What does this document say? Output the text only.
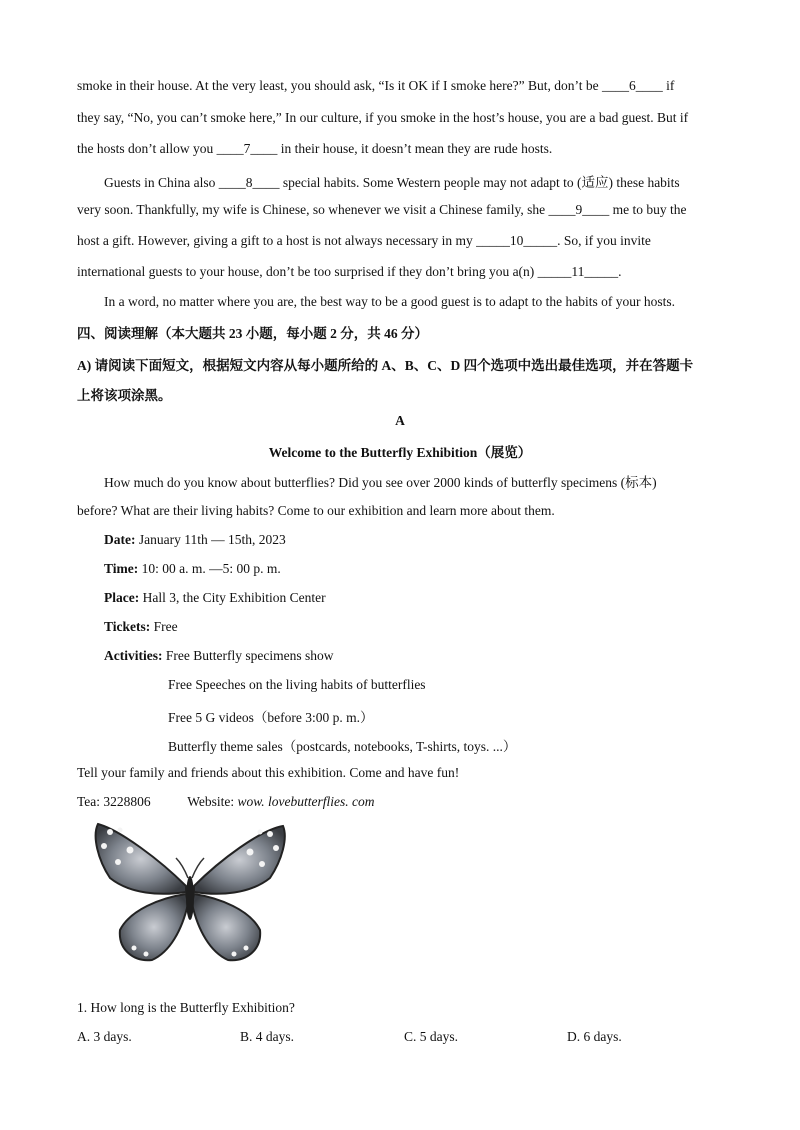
smoke in their house. At the very least, you should ask, “Is it OK if I smoke here?” But, don’t be ____6____ if
they say, “No, you can’t smoke here,” In our culture, if you smoke in the host’s house, you are a bad guest. But if
the hosts don’t allow you ____7____ in their house, it doesn’t mean they are rude hosts.
Guests in China also ____8____ special habits. Some Western people may not adapt to (适应) these habits
very soon. Thankfully, my wife is Chinese, so whenever we visit a Chinese family, she ____9____ me to buy the
host a gift. However, giving a gift to a host is not always necessary in my _____10_____. So, if you invite
international guests to your house, don’t be too surprised if they don’t bring you a(n) _____11_____.
In a word, no matter where you are, the best way to be a good guest is to adapt to the habits of your hosts.
四、阅读理解（本大题共 23 小题，每小题 2 分，共 46 分）
A) 请阅读下面短文，根据短文内容从每小题所给的 A、B、C、D 四个选项中选出最佳选项，并在答题卡
上将该项涂黑。
A
Welcome to the Butterfly Exhibition（展览）
How much do you know about butterflies? Did you see over 2000 kinds of butterfly specimens (标本)
before? What are their living habits? Come to our exhibition and learn more about them.
Date: January 11th — 15th, 2023
Time: 10: 00 a. m. —5: 00 p. m.
Place: Hall 3, the City Exhibition Center
Tickets: Free
Activities: Free Butterfly specimens show
Free Speeches on the living habits of butterflies
Free 5 G videos（before 3:00 p. m.）
Butterfly theme sales（postcards, notebooks, T-shirts, toys. ...）
Tell your family and friends about this exhibition. Come and have fun!
Tea: 3228806	Website: wow. lovebutterflies. com
1. How long is the Butterfly Exhibition?
A. 3 days.	B. 4 days.	C. 5 days.	D. 6 days.
